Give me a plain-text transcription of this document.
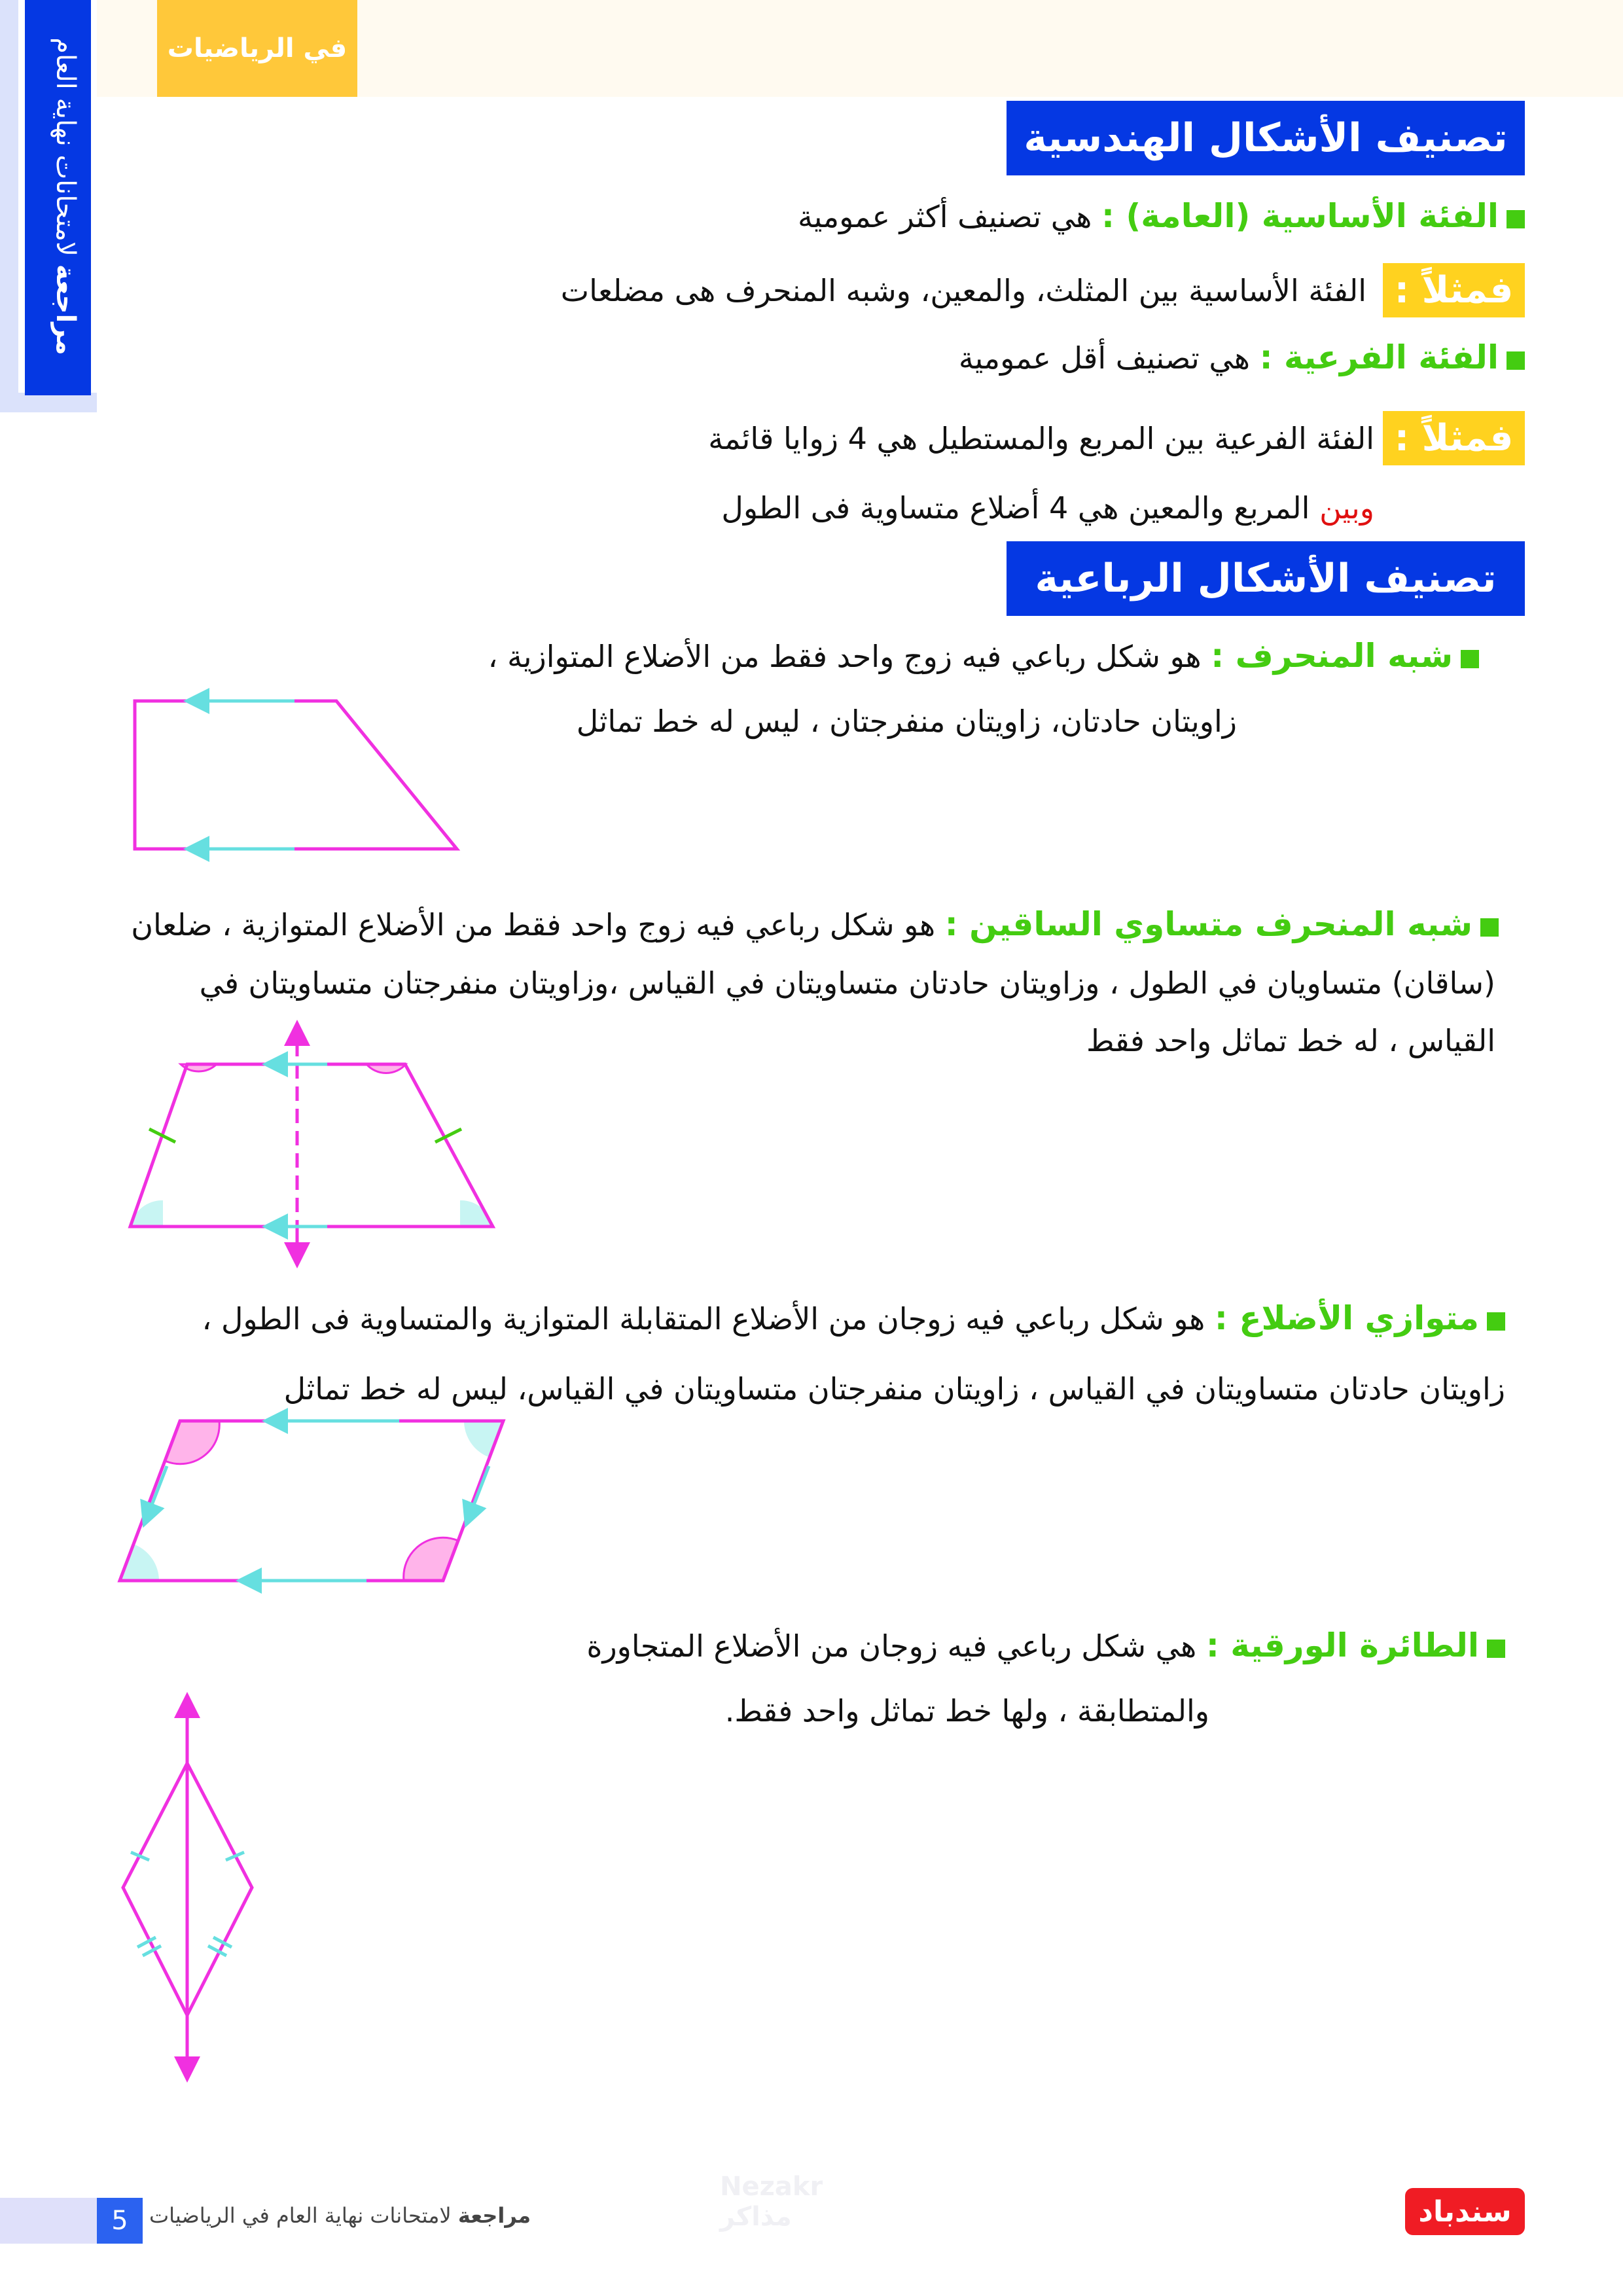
في الرياضيات
مراجعة
لامتحانات نهاية العام	تصنيف الأشكال الهندسية
الفئة الأساسية (العامة) : هي تصنيف أكثر عمومية
فمثلاً :
الفئة الأساسية بين المثلث، والمعين، وشبه المنحرف هى مضلعات
الفئة الفرعية : هي تصنيف أقل عمومية
فمثلاً :
الفئة الفرعية بين المربع والمستطيل هي 4 زوايا قائمة
وبين المربع والمعين هي 4 أضلاع متساوية فى الطول
تصنيف الأشكال الرباعية
شبه المنحرف : هو شكل رباعي فيه زوج واحد فقط من الأضلاع المتوازية ،
زاويتان حادتان، زاويتان منفرجتان ، ليس له خط تماثل
شبه المنحرف متساوي الساقين : هو شكل رباعي فيه زوج واحد فقط من الأضلاع المتوازية ، ضلعان
(ساقان) متساويان في الطول ، وزاويتان حادتان متساويتان في القياس ،وزاويتان منفرجتان متساويتان في
القياس ، له خط تماثل واحد فقط
متوازي الأضلاع : هو شكل رباعي فيه زوجان من الأضلاع المتقابلة المتوازية والمتساوية فى الطول ،
زاويتان حادتان متساويتان في القياس ، زاويتان منفرجتان متساويتان في القياس، ليس له خط تماثل
الطائرة الورقية : هي شكل رباعي فيه زوجان من الأضلاع المتجاورة
والمتطابقة ، ولها خط تماثل واحد فقط.
Nezakr مذاكر
5	مراجعة لامتحانات نهاية العام في الرياضيات	سندباد
